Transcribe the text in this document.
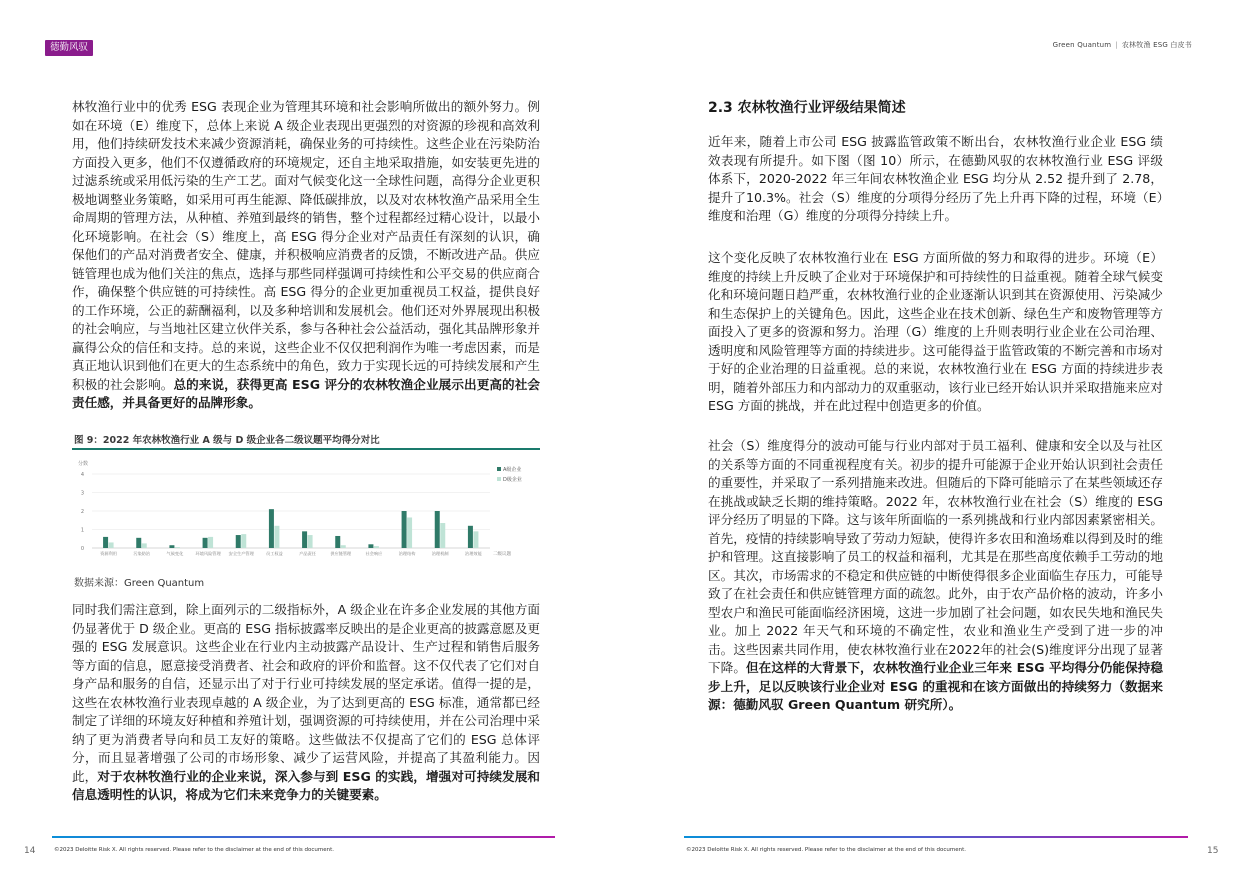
德勤风驭	Green Quantum | 农林牧渔 ESG 白皮书

林牧渔行业中的优秀 ESG 表现企业为管理其环境和社会影响所做出的额外努力。例如在环境（E）维度下，总体上来说 A 级企业表现出更强烈的对资源的珍视和高效利用，他们持续研发技术来减少资源消耗，确保业务的可持续性。这些企业在污染防治方面投入更多，他们不仅遵循政府的环境规定，还自主地采取措施，如安装更先进的过滤系统或采用低污染的生产工艺。面对气候变化这一全球性问题，高得分企业更积极地调整业务策略，如采用可再生能源、降低碳排放，以及对农林牧渔产品采用全生命周期的管理方法，从种植、养殖到最终的销售，整个过程都经过精心设计，以最小化环境影响。在社会（S）维度上，高 ESG 得分企业对产品责任有深刻的认识，确保他们的产品对消费者安全、健康，并积极响应消费者的反馈，不断改进产品。供应链管理也成为他们关注的焦点，选择与那些同样强调可持续性和公平交易的供应商合作，确保整个供应链的可持续性。高 ESG 得分的企业更加重视员工权益，提供良好的工作环境，公正的薪酬福利，以及多种培训和发展机会。他们还对外界展现出积极的社会响应，与当地社区建立伙伴关系，参与各种社会公益活动，强化其品牌形象并赢得公众的信任和支持。总的来说，这些企业不仅仅把利润作为唯一考虑因素，而是真正地认识到他们在更大的生态系统中的角色，致力于实现长远的可持续发展和产生积极的社会影响。总的来说，获得更高 ESG 评分的农林牧渔企业展示出更高的社会责任感，并具备更好的品牌形象。

图 9：2022 年农林牧渔行业 A 级与 D 级企业各二级议题平均得分对比
分数
0
1
2
3
4
资源利用	污染防治	气候变化	环境风险管理 安全生产管理	员工权益	产品责任	供应链管理	社会响应	治理结构	治理机制	治理效能 二级议题
A级企业
D级企业
数据来源：Green Quantum

同时我们需注意到，除上面列示的二级指标外，A 级企业在许多企业发展的其他方面仍显著优于 D 级企业。更高的 ESG 指标披露率反映出的是企业更高的披露意愿及更强的 ESG 发展意识。这些企业在行业内主动披露产品设计、生产过程和销售后服务等方面的信息，愿意接受消费者、社会和政府的评价和监督。这不仅代表了它们对自身产品和服务的自信，还显示出了对于行业可持续发展的坚定承诺。值得一提的是，这些在农林牧渔行业表现卓越的 A 级企业，为了达到更高的 ESG 标准，通常都已经制定了详细的环境友好种植和养殖计划，强调资源的可持续使用，并在公司治理中采纳了更为消费者导向和员工友好的策略。这些做法不仅提高了它们的 ESG 总体评分，而且显著增强了公司的市场形象、减少了运营风险，并提高了其盈利能力。因此，对于农林牧渔行业的企业来说，深入参与到 ESG 的实践，增强对可持续发展和信息透明性的认识，将成为它们未来竞争力的关键要素。

2.3 农林牧渔行业评级结果简述

近年来，随着上市公司 ESG 披露监管政策不断出台，农林牧渔行业企业 ESG 绩效表现有所提升。如下图（图 10）所示，在德勤风驭的农林牧渔行业 ESG 评级体系下，2020-2022 年三年间农林牧渔企业 ESG 均分从 2.52 提升到了 2.78，提升了10.3%。社会（S）维度的分项得分经历了先上升再下降的过程，环境（E）维度和治理（G）维度的分项得分持续上升。

这个变化反映了农林牧渔行业在 ESG 方面所做的努力和取得的进步。环境（E）维度的持续上升反映了企业对于环境保护和可持续性的日益重视。随着全球气候变化和环境问题日趋严重，农林牧渔行业的企业逐渐认识到其在资源使用、污染减少和生态保护上的关键角色。因此，这些企业在技术创新、绿色生产和废物管理等方面投入了更多的资源和努力。治理（G）维度的上升则表明行业企业在公司治理、透明度和风险管理等方面的持续进步。这可能得益于监管政策的不断完善和市场对于好的企业治理的日益重视。总的来说，农林牧渔行业在 ESG 方面的持续进步表明，随着外部压力和内部动力的双重驱动，该行业已经开始认识并采取措施来应对 ESG 方面的挑战，并在此过程中创造更多的价值。

社会（S）维度得分的波动可能与行业内部对于员工福利、健康和安全以及与社区的关系等方面的不同重视程度有关。初步的提升可能源于企业开始认识到社会责任的重要性，并采取了一系列措施来改进。但随后的下降可能暗示了在某些领域还存在挑战或缺乏长期的维持策略。2022 年，农林牧渔行业在社会（S）维度的 ESG 评分经历了明显的下降。这与该年所面临的一系列挑战和行业内部因素紧密相关。首先，疫情的持续影响导致了劳动力短缺，使得许多农田和渔场难以得到及时的维护和管理。这直接影响了员工的权益和福利，尤其是在那些高度依赖手工劳动的地区。其次，市场需求的不稳定和供应链的中断使得很多企业面临生存压力，可能导致了在社会责任和供应链管理方面的疏忽。此外，由于农产品价格的波动，许多小型农户和渔民可能面临经济困境，这进一步加剧了社会问题，如农民失地和渔民失业。加上 2022 年天气和环境的不确定性，农业和渔业生产受到了进一步的冲击。这些因素共同作用，使农林牧渔行业在2022年的社会(S)维度评分出现了显著下降。但在这样的大背景下，农林牧渔行业企业三年来 ESG 平均得分仍能保持稳步上升，足以反映该行业企业对 ESG 的重视和在该方面做出的持续努力（数据来源：德勤风驭 Green Quantum 研究所）。

14	©2023 Deloitte Risk X. All rights reserved. Please refer to the disclaimer at the end of this document.	©2023 Deloitte Risk X. All rights reserved. Please refer to the disclaimer at the end of this document.	15
